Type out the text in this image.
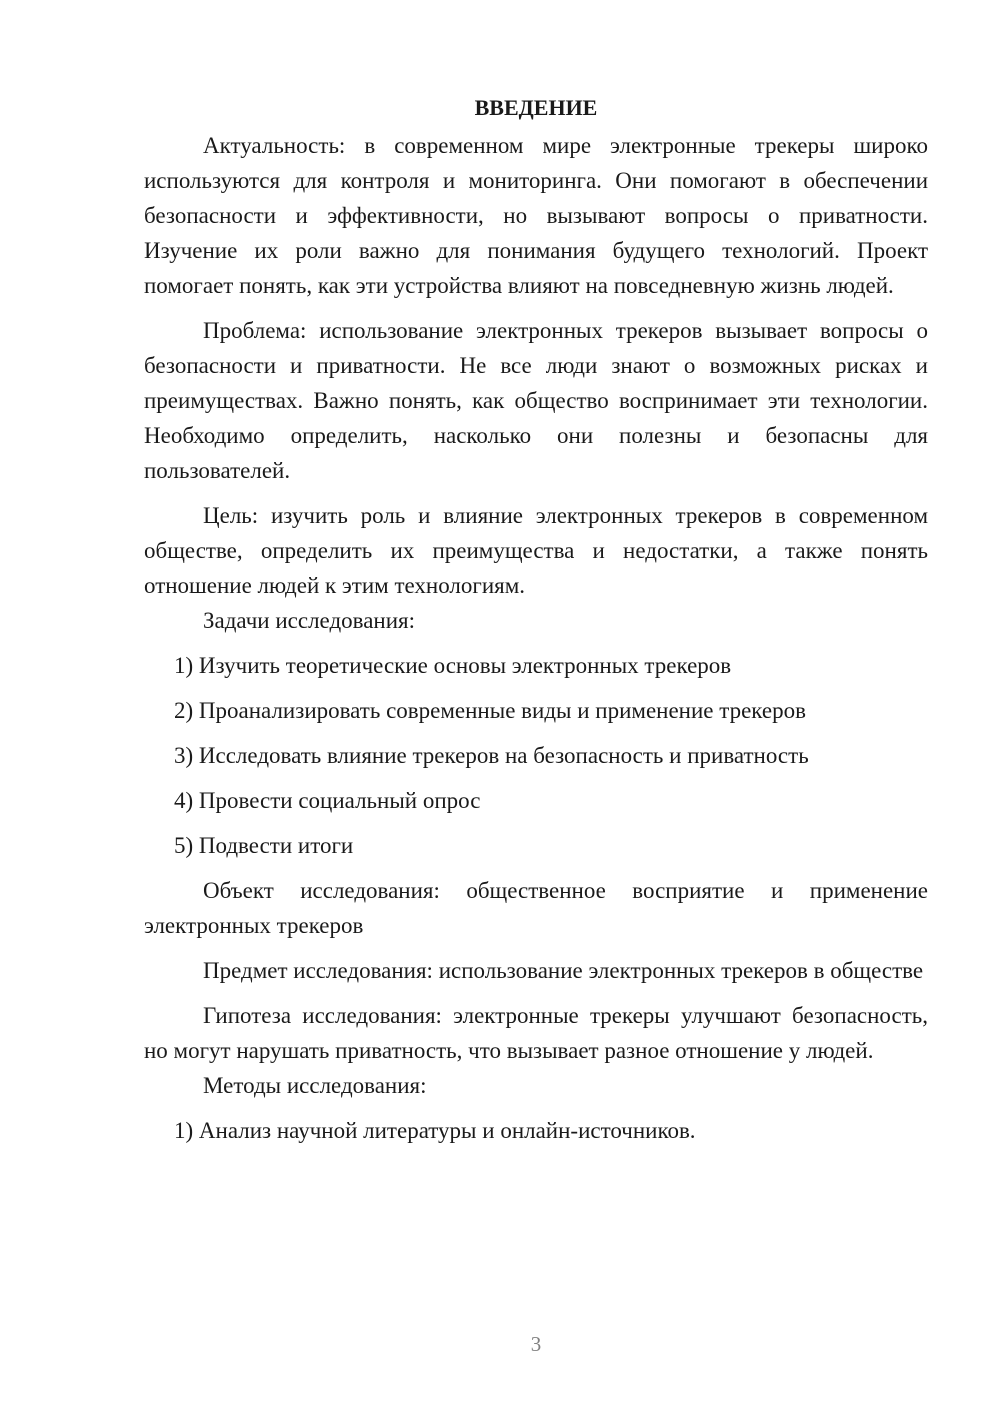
ВВЕДЕНИЕ

Актуальность: в современном мире электронные трекеры широко используются для контроля и мониторинга. Они помогают в обеспечении безопасности и эффективности, но вызывают вопросы о приватности. Изучение их роли важно для понимания будущего технологий. Проект помогает понять, как эти устройства влияют на повседневную жизнь людей.

Проблема: использование электронных трекеров вызывает вопросы о безопасности и приватности. Не все люди знают о возможных рисках и преимуществах. Важно понять, как общество воспринимает эти технологии. Необходимо определить, насколько они полезны и безопасны для пользователей.

Цель: изучить роль и влияние электронных трекеров в современном обществе, определить их преимущества и недостатки, а также понять отношение людей к этим технологиям.

Задачи исследования:

1) Изучить теоретические основы электронных трекеров

2) Проанализировать современные виды и применение трекеров

3) Исследовать влияние трекеров на безопасность и приватность

4) Провести социальный опрос

5) Подвести итоги

Объект исследования: общественное восприятие и применение электронных трекеров

Предмет исследования: использование электронных трекеров в обществе

Гипотеза исследования: электронные трекеры улучшают безопасность, но могут нарушать приватность, что вызывает разное отношение у людей.

Методы исследования:

1) Анализ научной литературы и онлайн-источников.

3
